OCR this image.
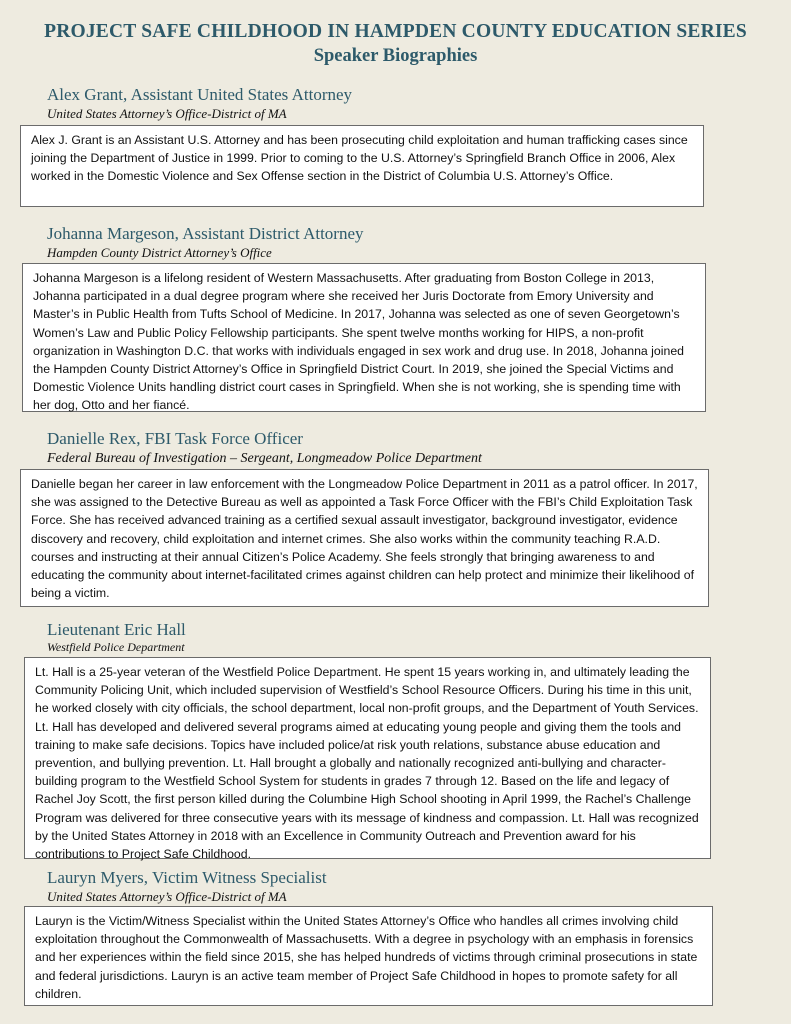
PROJECT SAFE CHILDHOOD IN HAMPDEN COUNTY EDUCATION SERIES
Speaker Biographies
Alex Grant, Assistant United States Attorney
United States Attorney’s Office-District of MA
Alex J. Grant is an Assistant U.S. Attorney and has been prosecuting child exploitation and human trafficking cases since joining the Department of Justice in 1999. Prior to coming to the U.S. Attorney’s Springfield Branch Office in 2006, Alex worked in the Domestic Violence and Sex Offense section in the District of Columbia U.S. Attorney’s Office.
Johanna Margeson, Assistant District Attorney
Hampden County District Attorney’s Office
Johanna Margeson is a lifelong resident of Western Massachusetts. After graduating from Boston College in 2013, Johanna participated in a dual degree program where she received her Juris Doctorate from Emory University and Master’s in Public Health from Tufts School of Medicine. In 2017, Johanna was selected as one of seven Georgetown’s Women’s Law and Public Policy Fellowship participants. She spent twelve months working for HIPS, a non-profit organization in Washington D.C. that works with individuals engaged in sex work and drug use. In 2018, Johanna joined the Hampden County District Attorney’s Office in Springfield District Court. In 2019, she joined the Special Victims and Domestic Violence Units handling district court cases in Springfield. When she is not working, she is spending time with her dog, Otto and her fiancé.
Danielle Rex, FBI Task Force Officer
Federal Bureau of Investigation – Sergeant, Longmeadow Police Department
Danielle began her career in law enforcement with the Longmeadow Police Department in 2011 as a patrol officer. In 2017, she was assigned to the Detective Bureau as well as appointed a Task Force Officer with the FBI’s Child Exploitation Task Force. She has received advanced training as a certified sexual assault investigator, background investigator, evidence discovery and recovery, child exploitation and internet crimes. She also works within the community teaching R.A.D. courses and instructing at their annual Citizen’s Police Academy. She feels strongly that bringing awareness to and educating the community about internet-facilitated crimes against children can help protect and minimize their likelihood of being a victim.
Lieutenant Eric Hall
Westfield Police Department
Lt. Hall is a 25-year veteran of the Westfield Police Department. He spent 15 years working in, and ultimately leading the Community Policing Unit, which included supervision of Westfield’s School Resource Officers. During his time in this unit, he worked closely with city officials, the school department, local non-profit groups, and the Department of Youth Services. Lt. Hall has developed and delivered several programs aimed at educating young people and giving them the tools and training to make safe decisions. Topics have included police/at risk youth relations, substance abuse education and prevention, and bullying prevention. Lt. Hall brought a globally and nationally recognized anti-bullying and character-building program to the Westfield School System for students in grades 7 through 12. Based on the life and legacy of Rachel Joy Scott, the first person killed during the Columbine High School shooting in April 1999, the Rachel’s Challenge Program was delivered for three consecutive years with its message of kindness and compassion. Lt. Hall was recognized by the United States Attorney in 2018 with an Excellence in Community Outreach and Prevention award for his contributions to Project Safe Childhood.
Lauryn Myers, Victim Witness Specialist
United States Attorney’s Office-District of MA
Lauryn is the Victim/Witness Specialist within the United States Attorney’s Office who handles all crimes involving child exploitation throughout the Commonwealth of Massachusetts. With a degree in psychology with an emphasis in forensics and her experiences within the field since 2015, she has helped hundreds of victims through criminal prosecutions in state and federal jurisdictions. Lauryn is an active team member of Project Safe Childhood in hopes to promote safety for all children.
